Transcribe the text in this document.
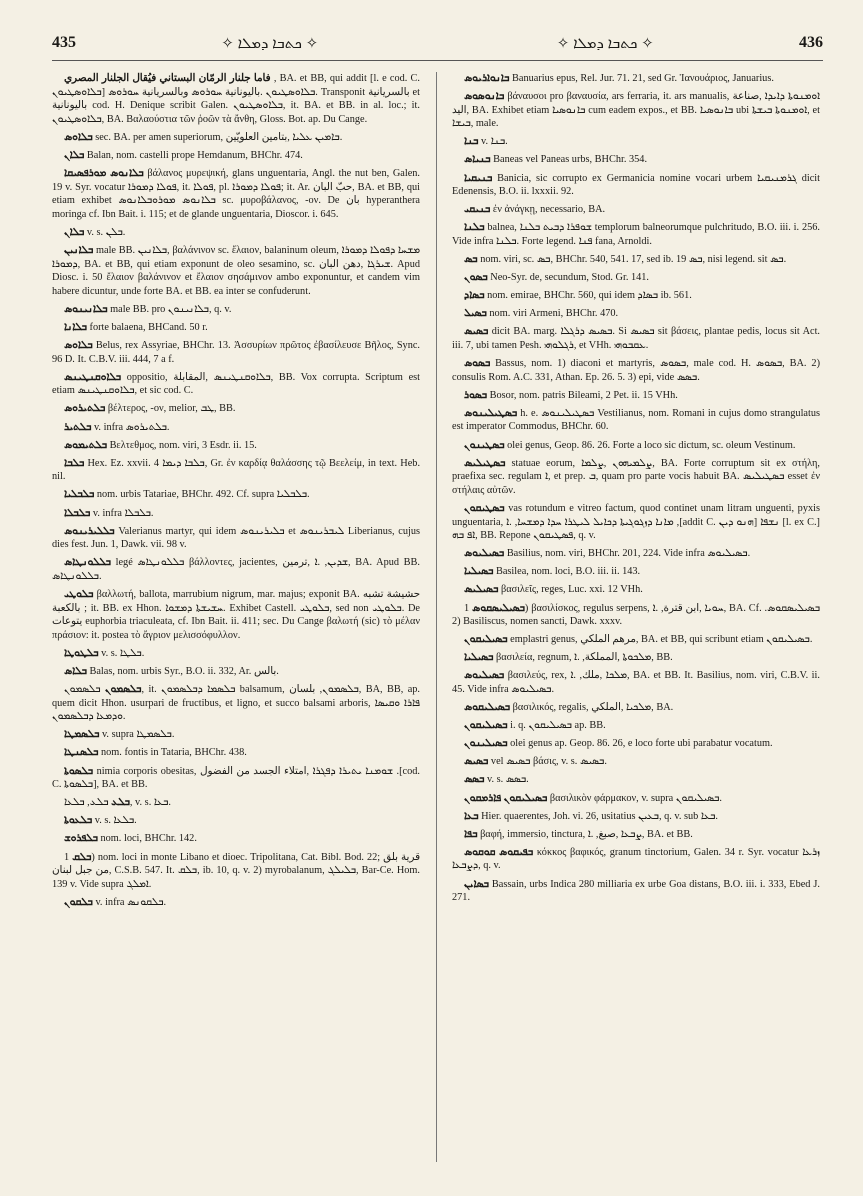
435	✧ ܟܬܒܐ ܕܡܠܐ ✧	✧ ܟܬܒܐ ܕܡܠܐ ✧	436

فاما جلنار الرمّان البستاني فيُقال الجلنار المصري , BA. et BB, qui addit [l. e cod. C. ܒܠܐܘܣܛܝܘܢ] ܒܠܐܘܣܛܝܘܢ .باليونانية ܚܘܪܘܣ وبالسريانية ܚܘܪܘܣ. Transponit بالسريانية et باليونانية cod. H. Denique scribit Galen. ܒܠܐܘܣܛܝܘܢ, it. BA. et BB. in al. loc.; it. ܒܠܐܘܣܛܝܘܢ, BA. Βαλαούστια τῶν ῥοῶν τὰ ἄνθη, Gloss. Bot. ap. Du Cange.

ܒܠܐܘܣ sec. BA. per amen superiorum, ܒܐܡܝܢ ܥܠܝܐ ,بتامين العلويّين.

ܒܠܐܢ Balan, nom. castelli prope Hemdanum, BHChr. 474.

ܒܠܐܢܘܣ ܡܘܪܦܣܝܩܐ βάλανος μυρεψική, glans unguentaria, Angl. the nut ben, Galen. 19 v. Syr. vocatur ܦܘܠܐ ܕܡܘܪܐ, it. ܦܘܠܐ, pl. ܦܘܠܐ ܕܡܘܪܐ; it. Ar. حبّ البان, BA. et BB, qui etiam exhibet ܒܠܐܢܘܣ ܡܘܪܘܒܠܐܢܘܣ sc. μυροβάλανος, -ον. De بان hyperanthera moringa cf. Ibn Bait. i. 115; et de glande unguentaria, Dioscor. i. 645.

ܒܠܐܢ v. s. ܒܠܢ.

ܒܠܐܢܝܢ male BB. ܒܠܐܢܝܢ, βαλάνινον sc. ἔλαιον, balaninum oleum, ܡܫܚܐ ܕܦܘܠܐ ܕܡܘܪܐ ܕܡܘܪܐ, BA. et BB, qui etiam exponunt de oleo sesamino, sc. ܫܝܪܓܐ ,دهن البان. Apud Diosc. i. 50 ἔλαιον βαλάνινον et ἔλαιον σησάμινον ambo exponuntur, et candem vim habere dicuntur, unde forte BA. et BB. ea inter se confuderunt.

ܒܠܐܢܝܢܘܣ male BB. pro ܒܠܐܢܝܢܘܢ, q. v.

ܒܠܐܢܐ forte balaena, BHCand. 50 r.

ܒܠܐܘܣ Belus, rex Assyriae, BHChr. 13. Ἀσσυρίων πρῶτος ἐβασίλευσε Βῆλος, Sync. 96 D. It. C.B.V. iii. 444, 7 a f.

ܒܠܐܘܩܢܛܝܢܣ oppositio, ܒܠܐܘܩܢܛܝܢܣ ,المقابلة, BB. Vox corrupta. Scriptum est etiam ܒܠܐܘܩܢܛܝܢܣ, et sic cod. C.

ܒܠܬܝܪܘܣ βέλτερος, -ον, melior, ܛܒ, BB.

ܒܠܬܝܪ v. infra ܒܠܬܝܪܘܣ.

ܒܠܬܝܡܘܣ Βελτεθμος, nom. viri, 3 Esdr. ii. 15.

ܒܠܒܐ Hex. Ez. xxvii. 4 ܒܠܒܐ ܕܝܡܐ, Gr. ἐν καρδίᾳ θαλάσσης τῷ Βεελείμ, in text. Heb. nil.

ܒܠܒܠܝܐ nom. urbis Tatariae, BHChr. 492. Cf. supra ܒܠܒܠܝܐ.

ܒܠܒܠܐ v. infra ܒܠܒܠܐ.

ܒܠܠܝܪܝܢܘܣ Valerianus martyr, qui idem ܒܠܝܪܝܢܘܣ et ܠܝܒܪܝܢܘܣ Liberianus, cujus dies fest. Jun. 1, Dawk. vii. 98 v.

ܒܠܠܘܢܛܐܣ legé ܒܠܠܘܢܛܐܣ βάλλοντες, jacientes, ܫܕܝܢ, .ܐ ,ترمين, BA. Apud BB. ܒܠܠܘܢܛܐܣ.

ܒܠܘܛܝ βαλλωτή, ballota, marrubium nigrum, mar. majus; exponit BA. حشيشة تشبه بالكعبة ; it. BB. ex Hhon. ܚܫܝܫܬܐ ܕܡܫܘܐ. Exhibet Castell. ܒܠܘܛܝ, sed non ܒܠܘܛܝ. De يتوعات euphorbia triaculeata, cf. Ibn Bait. ii. 411; sec. Du Cange βαλωτή (sic) τὸ μέλαν πράσιον: it. postea τὸ ἄγριον μελισσόφυλλον.

ܒܠܛܘܛܐ v. s. ܒܠܛܐ.

ܒܠܐܣ Balas, nom. urbis Syr., B.O. ii. 332, Ar. بالس.

ܒܠܣܡܘܢ ܒܠܣܡܘܢ, it. ܒܠܣܡܐ ܕܒܠܣܡܘܢ balsamum, ܒܠܣܡܘܢ, بلسان, BA, BB, ap. quem dicit Hhon. usurpari de fructibus, et ligno, et succo balsami arboris, ܦܐܪܐ ܘܩܝܣܐ ܘܕܡܥܐ ܕܒܠܣܡܘܢ.

ܒܠܣܡܛܐ v. supra ܒܠܣܡܛܐ.

ܒܠܣܢܛܐ nom. fontis in Tataria, BHChr. 438.

ܒܠܣܘܬܐ nimia corporis obesitas, ܫܘܡܢܐ ܝܬܝܪܐ ܕܦܓܪܐ ,امتلاء الجسد من الفضول .[cod. C. ܒܠܣܘܬܐ], BA. et BB.

ܒܠܥ ܒܠܥ, ܒܠܥܐ, v. s. ܒܥܐ.

ܒܠܥܘܬܐ v. s. ܒܠܥܐ.

ܒܠܦܪܘܫ nom. loci, BHChr. 142.

ܒܠܩ 1) nom. loci in monte Libano et dioec. Tripolitana, Cat. Bibl. Bod. 22; قرية بلق من جبل لبنان, C.S.B. 547. It. ܒܠܩ, ib. 10, q. v. 2) myrobalanum, ܒܠܝܠܓ, Bar-Ce. Hom. 139 v. Vide supra ܐܡܠܓ.

ܒܠܩܘܢ v. infra ܒܠܩܘܢܣ.

ܒܐܢܘܐܪܝܘܣ Banuarius epus, Rel. Jur. 71. 21, sed Gr. Ἰανουάριος, Januarius.

ܒܐܢܘܣܘܣ βάναυσοι pro βαναυσία, ars ferraria, it. ars manualis, ܐܘܡܢܘܬܐ ܕܐܝܕܐ ,صناعة اليد, BA. Exhibet etiam ܒܐܢܘܣܝܐ cum eadem expos., et BB. ܒܐܢܘܣܝܐ ubi ܐܘܡܢܘܬܐ ܒܝܫܬܐ, et ܒܝܫܐ, male.

ܒܢܐ v. ܒܢܐ.

ܒܢܝܐܣ Baneas vel Paneas urbs, BHChr. 354.

ܒܢܝܩܝܐ Banicia, sic corrupto ex Germanicia nomine vocari urbem ܓܪܡܢܝܩܝܐ dicit Edenensis, B.O. ii. lxxxii. 92.

ܒܢܝܩܝ ἐν ἀνάγκῃ, necessario, BA.

ܒܠܢܐ balnea, ܫܘܦܪܐ ܕܒܝܬ ܒܠܢܐ templorum balneorumque pulchritudo, B.O. iii. i. 256. Vide infra ܒܠܢܐ. Forte legend. ܦܢܐ fana, Arnoldi.

ܒܣ nom. viri, sc. ܒܣ, BHChr. 540, 541. 17, sed ib. 19 ܒܣ, nisi legend. sit ܒܣ.

ܒܣܘܢ Neo-Syr. de, secundum, Stod. Gr. 141.

ܒܣܐܕ nom. emirae, BHChr. 560, qui idem ܒܣܐܕ ib. 561.

ܒܣܝܠ nom. viri Armeni, BHChr. 470.

ܒܣܝܣ dicit BA. marg. ܒܣܝܣ ܕܪܓܠܐ. Si ܒܣܝܣ sit βάσεις, plantae pedis, locus sit Act. iii. 7, ubi tamen Pesh. ܪܓܠܘܗܝ, et VHh. ܥܩܒܘܗܝ.

ܒܣܘܣ Bassus, nom. 1) diaconi et martyris, ܒܣܘܣ, male cod. H. ܒܣܘܣ, BA. 2) consulis Rom. A.C. 331, Athan. Ep. 26. 5. 3) epi, vide ܒܣܣ.

ܒܣܘܪ Bosor, nom. patris Bileami, 2 Pet. ii. 15 VHh.

ܒܣܛܝܠܝܢܘܣ h. e. ܒܣܛܝܠܝܢܘܣ Vestilianus, nom. Romani in cujus domo strangulatus est imperator Commodus, BHChr. 60.

ܒܣܛܝܢܘܢ olei genus, Geop. 86. 26. Forte a loco sic dictum, sc. oleum Vestinum.

ܒܣܛܝܠܝܣ statuae eorum, ܨܠܡܝܗܘܢ ,ܨܠܡܐ, BA. Forte corruptum sit ex στήλη, praefixa sec. regulam ܐ, et prep. ܒ, quam pro parte vocis habuit BA. ܒܣܛܝܠܝܣ esset ἐν στήλαις αὐτῶν.

ܒܣܛܝܩܘܢ vas rotundum e vitreo factum, quod continet unam litram unguenti, pyxis unguentaria, ܡܐܢܐ ܕܙܓܘܓܝܬܐ ܕܟܐܝܠ ܠܝܛܪܐ ܚܕܐ ܕܡܫܚܐ, .ܐ ,[addit C. ܗܢܘ ܕܝܢ] ܢܫܦܐ [l. ex C.] ܐܦ ܒܗ, BB. Repone ܦܣܛܝܩܘܢ, q. v.

ܒܣܝܠܝܘܣ Basilius, nom. viri, BHChr. 201, 224. Vide infra ܒܣܝܠܝܘܣ.

ܒܣܝܠܝܐ Basilea, nom. loci, B.O. iii. ii. 143.

ܒܣܝܠܝܣ βασιλεῖς, reges, Luc. xxi. 12 VHh.

ܒܣܝܠܝܣܩܘܣ 1) βασιλίσκος, regulus serpens, ܚܘܝܐ ,ابن قترة, .ܐ, BA. Cf. ܒܣܝܠܝܣܩܘܣ. 2) Basiliscus, nomen sancti, Dawk. xxxv.

ܒܣܝܠܝܩܘܢ emplastri genus, مرهم الملكي, BA. et BB, qui scribunt etiam ܒܣܝܠܝܩܘܢ.

ܒܣܝܠܝܐ βασιλεία, regnum, ܡܠܟܘܬܐ ,المملكة, .ܐ, BB.

ܒܣܝܠܝܘܣ βασιλεύς, rex, ܡܠܟܐ ,ملك, .ܐ, BA. et BB. It. Basilius, nom. viri, C.B.V. ii. 45. Vide infra ܒܣܝܠܝܘܣ.

ܒܣܝܠܝܩܘܣ βασιλικός, regalis, ܡܠܟܝܐ ,الملكي, BA.

ܒܣܝܠܝܩܘܢ i. q. ܒܣܝܠܝܩܘܢ ap. BB.

ܒܣܝܠܝܢܘܢ olei genus ap. Geop. 86. 26, e loco forte ubi parabatur vocatum.

ܒܣܝܣ vel ܒܣܝܣ βάσις, v. s. ܒܣܝܣ.

ܒܣܣ v. s. ܒܣܣ.

ܒܣܝܠܝܩܘܢ ܦܐܪܡܩܘܢ βασιλικὸν φάρμακον, v. supra ܒܣܝܠܝܩܘܢ.

ܒܥܐ Hier. quaerentes, Joh. vi. 26, usitatius ܒܥܝܢ, q. v. sub ܒܥܐ.

ܒܦܐ βαφή, immersio, tinctura, ܨܒܥܐ ,صبغ, .ܐ, BA. et BB.

ܒܦܝܩܘܣ ܩܘܩܘܣ κόκκος βαφικός, granum tinctorium, Galen. 34 r. Syr. vocatur ܙܪܥܐ ܕܨܒܥܐ, q. v.

ܒܣܐܝܢ Bassain, urbs Indica 280 milliaria ex urbe Goa distans, B.O. iii. i. 333, Ebed J. 271.
